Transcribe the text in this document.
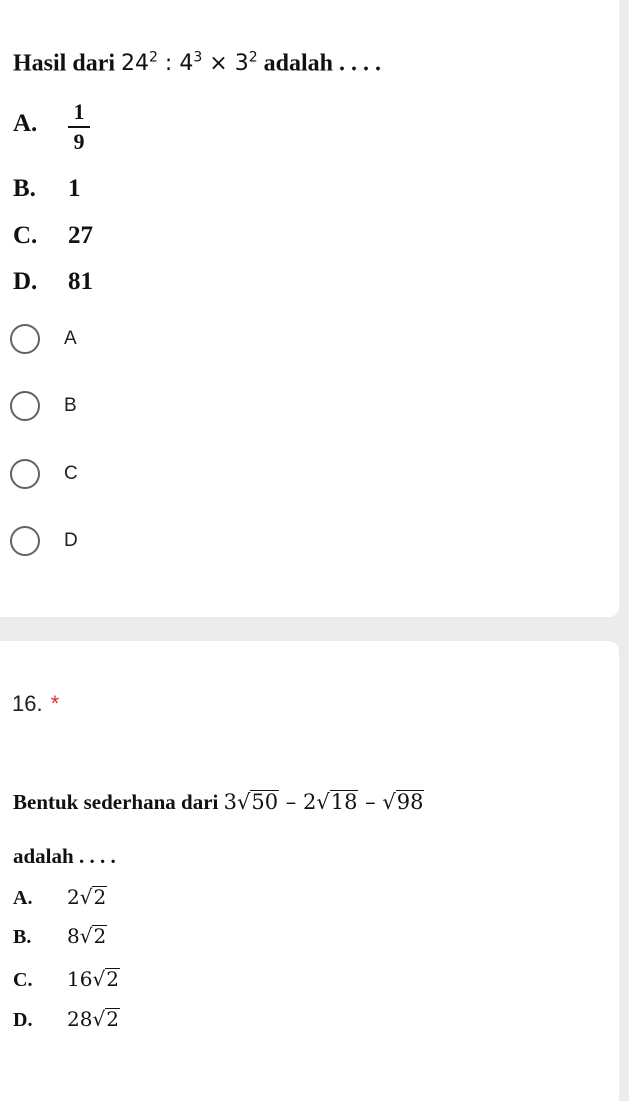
Hasil dari $24^2$ : $4^3 \times 3^2$ adalah . . . .
A. 1
9
B. 1
C. 27
D. 81
A
B
C
D
16. *
Bentuk sederhana dari 3√50 – 2√18 – √98
adalah . . . .
A. 2√2
B. 8√2
C. 16√2
D. 28√2
